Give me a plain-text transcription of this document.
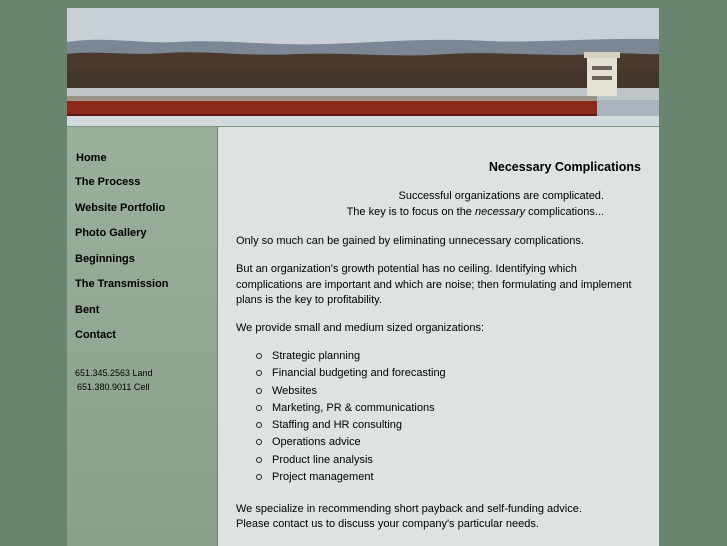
Home
The Process
Website Portfolio
Photo Gallery
Beginnings
The Transmission
Bent
Contact
651.345.2563 Land
651.380.9011 Cell
Necessary Complications
Successful organizations are complicated.
The key is to focus on the necessary complications...
Only so much can be gained by eliminating unnecessary complications.
But an organization's growth potential has no ceiling. Identifying which complications are important and which are noise; then formulating and implement plans is the key to profitability.
We provide small and medium sized organizations:
Strategic planning
Financial budgeting and forecasting
Websites
Marketing, PR & communications
Staffing and HR consulting
Operations advice
Product line analysis
Project management
We specialize in recommending short payback and self-funding advice.
Please contact us to discuss your company's particular needs.
